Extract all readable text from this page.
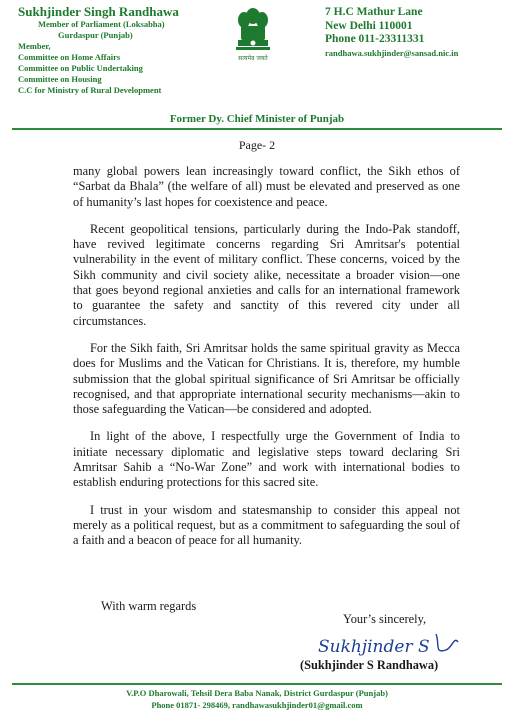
Sukhjinder Singh Randhawa
Member of Parliament (Loksabha)
Gurdaspur (Punjab)
Member,
Committee on Home Affairs
Committee on Public Undertaking
Committee on Housing
C.C for Ministry of Rural Development
सत्यमेव जयते
7 H.C Mathur Lane
New Delhi 110001
Phone 011-23311331
randhawa.sukhjinder@sansad.nic.in
Former Dy. Chief Minister of Punjab
Page- 2

many global powers lean increasingly toward conflict, the Sikh ethos of “Sarbat da Bhala” (the welfare of all) must be elevated and preserved as one of humanity’s last hopes for coexistence and peace.

Recent geopolitical tensions, particularly during the Indo-Pak standoff, have revived legitimate concerns regarding Sri Amritsar's potential vulnerability in the event of military conflict. These concerns, voiced by the Sikh community and civil society alike, necessitate a broader vision—one that goes beyond regional anxieties and calls for an international framework to guarantee the safety and sanctity of this revered city under all circumstances.

For the Sikh faith, Sri Amritsar holds the same spiritual gravity as Mecca does for Muslims and the Vatican for Christians. It is, therefore, my humble submission that the global spiritual significance of Sri Amritsar be officially recognised, and that appropriate international security mechanisms—akin to those safeguarding the Vatican—be considered and adopted.

In light of the above, I respectfully urge the Government of India to initiate necessary diplomatic and legislative steps toward declaring Sri Amritsar Sahib a “No-War Zone” and work with international bodies to establish enduring protections for this sacred site.

I trust in your wisdom and statesmanship to consider this appeal not merely as a political request, but as a commitment to safeguarding the soul of a faith and a beacon of peace for all humanity.

With warm regards
Your’s sincerely,
Sukhjinder S
(Sukhjinder S Randhawa)
V.P.O Dharowali, Tehsil Dera Baba Nanak, District Gurdaspur (Punjab)
Phone 01871- 298469, randhawasukhjinder01@gmail.com
